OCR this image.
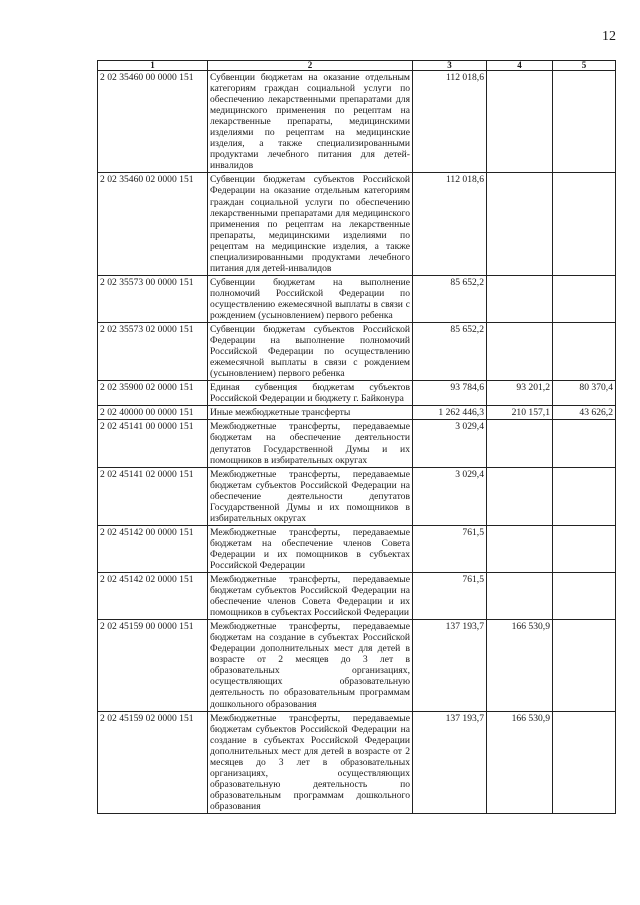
12
1	2	3	4	5
2 02 35460 00 0000 151	Субвенции бюджетам на оказание отдельным категориям граждан социальной услуги по обеспечению лекарственными препаратами для медицинского применения по рецептам на лекарственные препараты, медицинскими изделиями по рецептам на медицинские изделия, а также специализированными продуктами лечебного питания для детей-инвалидов	112 018,6		
2 02 35460 02 0000 151	Субвенции бюджетам субъектов Российской Федерации на оказание отдельным категориям граждан социальной услуги по обеспечению лекарственными препаратами для медицинского применения по рецептам на лекарственные препараты, медицинскими изделиями по рецептам на медицинские изделия, а также специализированными продуктами лечебного питания для детей-инвалидов	112 018,6		
2 02 35573 00 0000 151	Субвенции бюджетам на выполнение полномочий Российской Федерации по осуществлению ежемесячной выплаты в связи с рождением (усыновлением) первого ребенка	85 652,2		
2 02 35573 02 0000 151	Субвенции бюджетам субъектов Российской Федерации на выполнение полномочий Российской Федерации по осуществлению ежемесячной выплаты в связи с рождением (усыновлением) первого ребенка	85 652,2		
2 02 35900 02 0000 151	Единая субвенция бюджетам субъектов Российской Федерации и бюджету г. Байконура	93 784,6	93 201,2	80 370,4
2 02 40000 00 0000 151	Иные межбюджетные трансферты	1 262 446,3	210 157,1	43 626,2
2 02 45141 00 0000 151	Межбюджетные трансферты, передаваемые бюджетам на обеспечение деятельности депутатов Государственной Думы и их помощников в избирательных округах	3 029,4		
2 02 45141 02 0000 151	Межбюджетные трансферты, передаваемые бюджетам субъектов Российской Федерации на обеспечение деятельности депутатов Государственной Думы и их помощников в избирательных округах	3 029,4		
2 02 45142 00 0000 151	Межбюджетные трансферты, передаваемые бюджетам на обеспечение членов Совета Федерации и их помощников в субъектах Российской Федерации	761,5		
2 02 45142 02 0000 151	Межбюджетные трансферты, передаваемые бюджетам субъектов Российской Федерации на обеспечение членов Совета Федерации и их помощников в субъектах Российской Федерации	761,5		
2 02 45159 00 0000 151	Межбюджетные трансферты, передаваемые бюджетам на создание в субъектах Российской Федерации дополнительных мест для детей в возрасте от 2 месяцев до 3 лет в образовательных организациях, осуществляющих образовательную деятельность по образовательным программам дошкольного образования	137 193,7	166 530,9	
2 02 45159 02 0000 151	Межбюджетные трансферты, передаваемые бюджетам субъектов Российской Федерации на создание в субъектах Российской Федерации дополнительных мест для детей в возрасте от 2 месяцев до 3 лет в образовательных организациях, осуществляющих образовательную деятельность по образовательным программам дошкольного образования	137 193,7	166 530,9	
